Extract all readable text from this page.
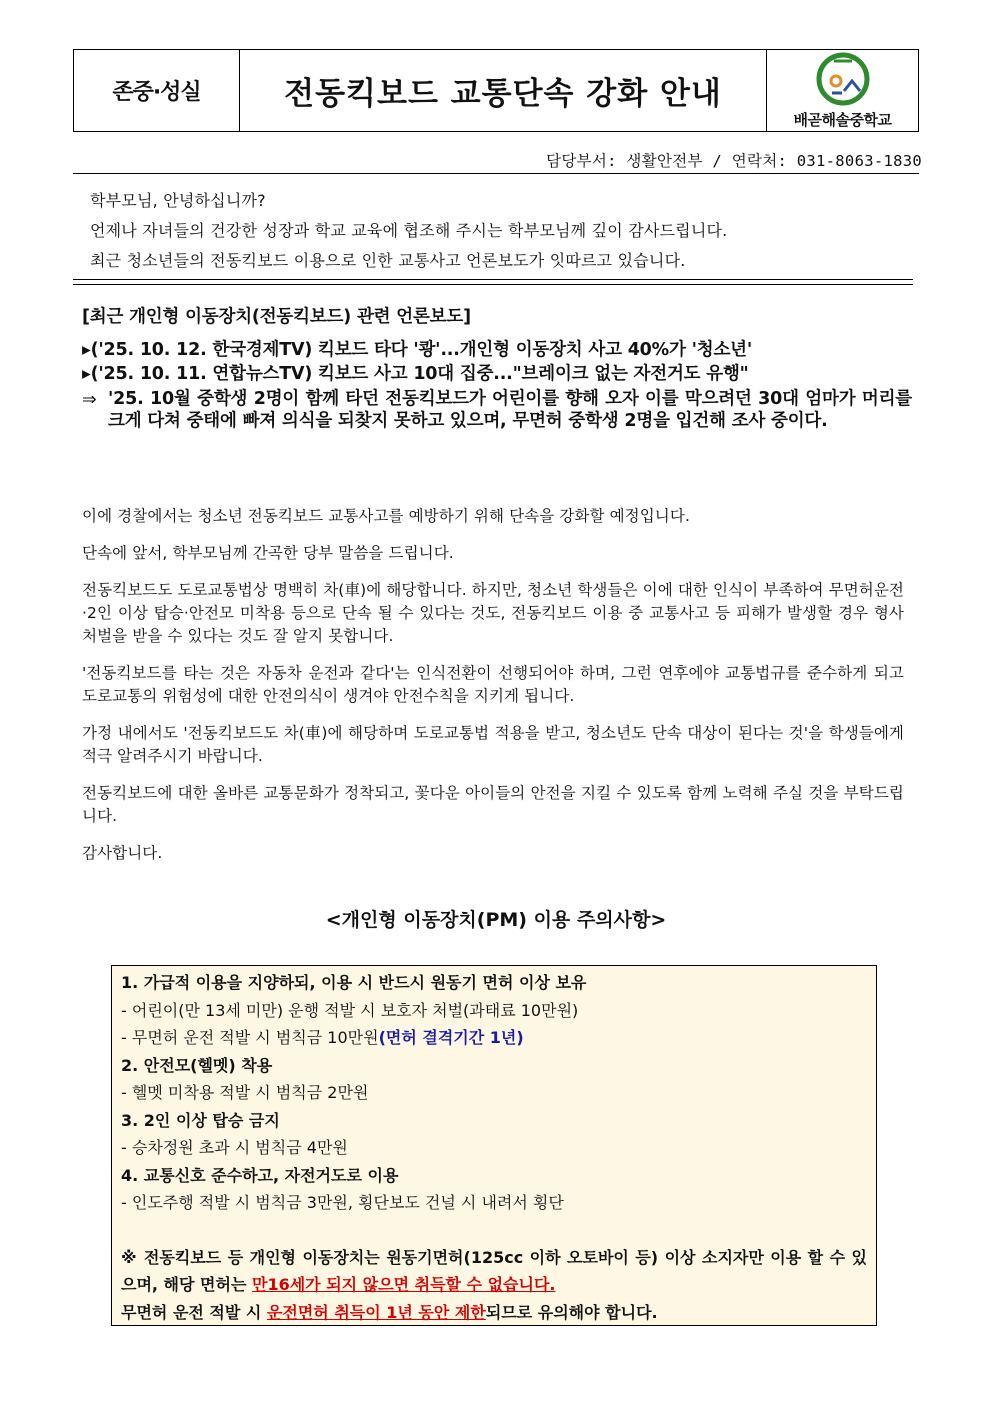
존중·성실	전동킥보드 교통단속 강화 안내
배곧해솔중학교
담당부서: 생활안전부 / 연락처: 031-8063-1830
학부모님, 안녕하십니까?
언제나 자녀들의 건강한 성장과 학교 교육에 협조해 주시는 학부모님께 깊이 감사드립니다.
최근 청소년들의 전동킥보드 이용으로 인한 교통사고 언론보도가 잇따르고 있습니다.
[최근 개인형 이동장치(전동킥보드) 관련 언론보도]
▸('25. 10. 12. 한국경제TV) 킥보드 타다 '쾅'...개인형 이동장치 사고 40%가 '청소년'
▸('25. 10. 11. 연합뉴스TV) 킥보드 사고 10대 집중..."브레이크 없는 자전거도 유행"
⇒ '25. 10월 중학생 2명이 함께 타던 전동킥보드가 어린이를 향해 오자 이를 막으려던 30대 엄마가 머리를 크게 다쳐 중태에 빠져 의식을 되찾지 못하고 있으며, 무면허 중학생 2명을 입건해 조사 중이다.

이에 경찰에서는 청소년 전동킥보드 교통사고를 예방하기 위해 단속을 강화할 예정입니다.

단속에 앞서, 학부모님께 간곡한 당부 말씀을 드립니다.

전동킥보드도 도로교통법상 명백히 차(車)에 해당합니다. 하지만, 청소년 학생들은 이에 대한 인식이 부족하여 무면허운전·2인 이상 탑승·안전모 미착용 등으로 단속 될 수 있다는 것도, 전동킥보드 이용 중 교통사고 등 피해가 발생할 경우 형사처벌을 받을 수 있다는 것도 잘 알지 못합니다.

'전동킥보드를 타는 것은 자동차 운전과 같다'는 인식전환이 선행되어야 하며, 그런 연후에야 교통법규를 준수하게 되고 도로교통의 위험성에 대한 안전의식이 생겨야 안전수칙을 지키게 됩니다.

가정 내에서도 '전동킥보드도 차(車)에 해당하며 도로교통법 적용을 받고, 청소년도 단속 대상이 된다는 것'을 학생들에게 적극 알려주시기 바랍니다.

전동킥보드에 대한 올바른 교통문화가 정착되고, 꽃다운 아이들의 안전을 지킬 수 있도록 함께 노력해 주실 것을 부탁드립니다.

감사합니다.

<개인형 이동장치(PM) 이용 주의사항>
1. 가급적 이용을 지양하되, 이용 시 반드시 원동기 면허 이상 보유
- 어린이(만 13세 미만) 운행 적발 시 보호자 처벌(과태료 10만원)
- 무면허 운전 적발 시 범칙금 10만원(면허 결격기간 1년)
2. 안전모(헬멧) 착용
- 헬멧 미착용 적발 시 범칙금 2만원
3. 2인 이상 탑승 금지
- 승차정원 초과 시 범칙금 4만원
4. 교통신호 준수하고, 자전거도로 이용
- 인도주행 적발 시 범칙금 3만원, 횡단보도 건널 시 내려서 횡단
※ 전동킥보드 등 개인형 이동장치는 원동기면허(125cc 이하 오토바이 등) 이상 소지자만 이용 할 수 있으며, 해당 면허는 만16세가 되지 않으면 취득할 수 없습니다.
무면허 운전 적발 시 운전면허 취득이 1년 동안 제한되므로 유의해야 합니다.
